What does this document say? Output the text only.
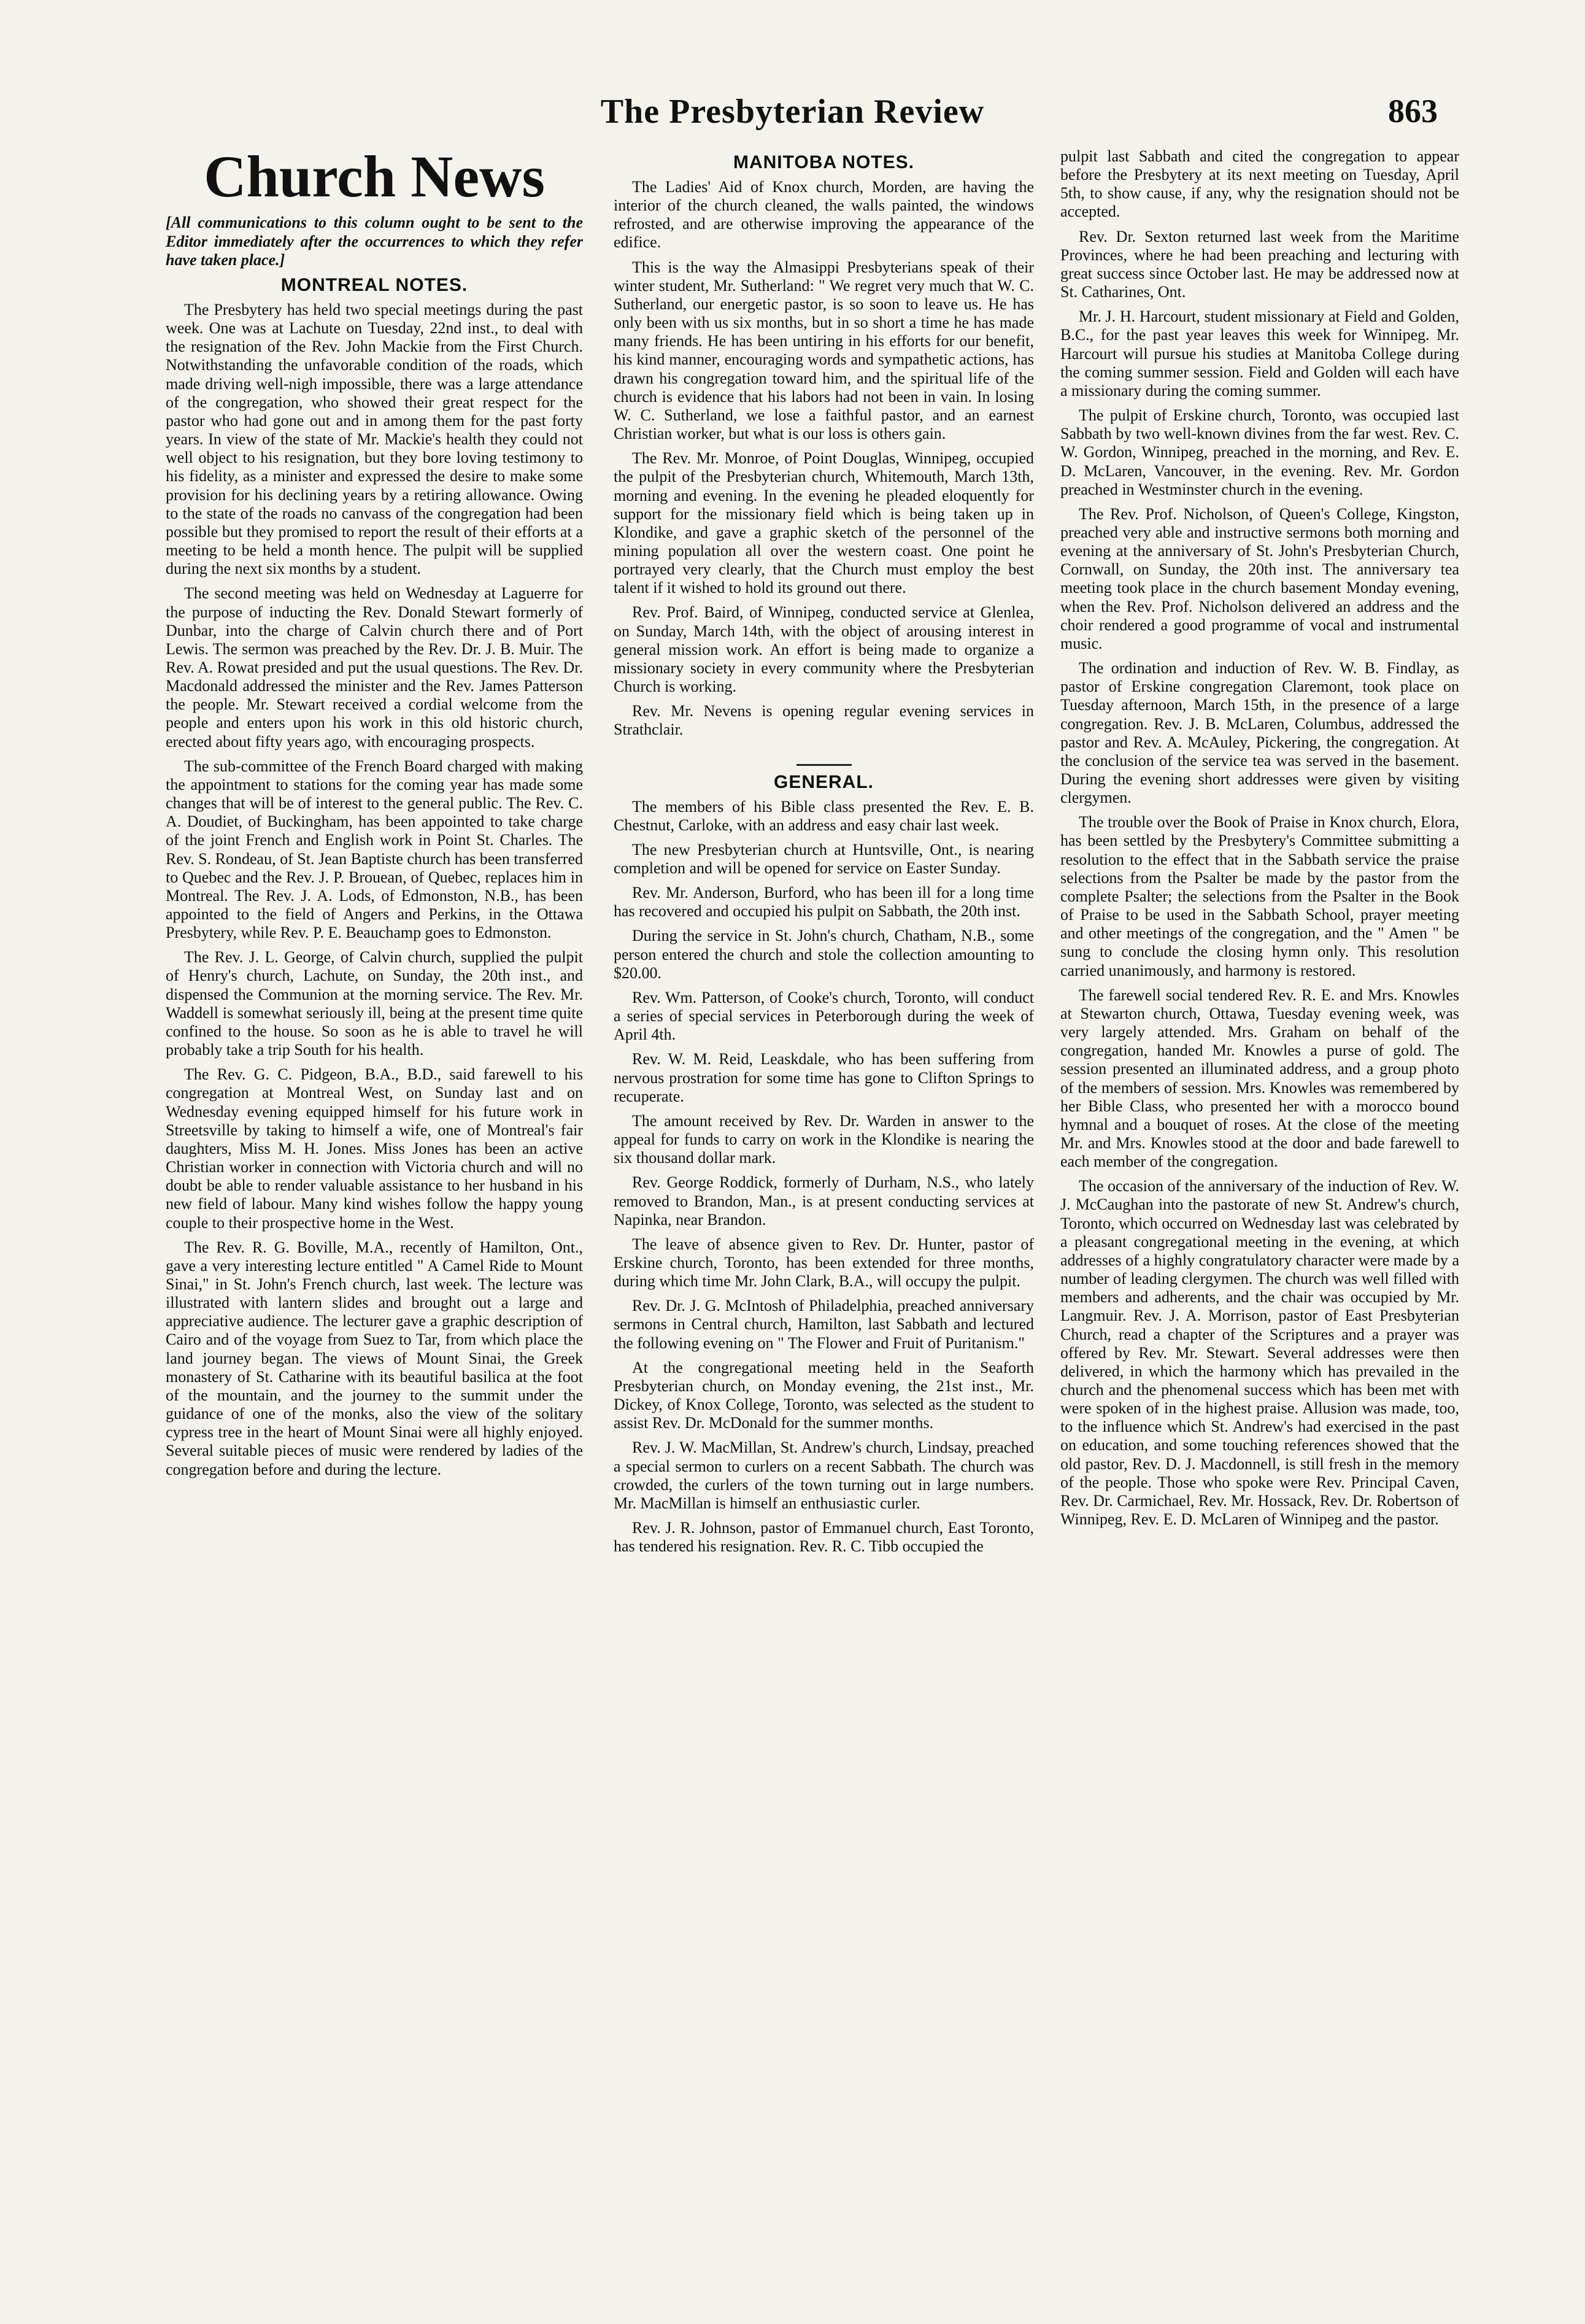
The Presbyterian Review	863
Church News
[All communications to this column ought to be sent to the Editor immediately after the occurrences to which they refer have taken place.]
MONTREAL NOTES.

The Presbytery has held two special meetings during the past week. One was at Lachute on Tuesday, 22nd inst., to deal with the resignation of the Rev. John Mackie from the First Church. Notwithstanding the unfavorable condition of the roads, which made driving well-nigh impossible, there was a large attendance of the congregation, who showed their great respect for the pastor who had gone out and in among them for the past forty years. In view of the state of Mr. Mackie's health they could not well object to his resignation, but they bore loving testimony to his fidelity, as a minister and expressed the desire to make some provision for his declining years by a retiring allowance. Owing to the state of the roads no canvass of the congregation had been possible but they promised to report the result of their efforts at a meeting to be held a month hence. The pulpit will be supplied during the next six months by a student.

The second meeting was held on Wednesday at Laguerre for the purpose of inducting the Rev. Donald Stewart formerly of Dunbar, into the charge of Calvin church there and of Port Lewis. The sermon was preached by the Rev. Dr. J. B. Muir. The Rev. A. Rowat presided and put the usual questions. The Rev. Dr. Macdonald addressed the minister and the Rev. James Patterson the people. Mr. Stewart received a cordial welcome from the people and enters upon his work in this old historic church, erected about fifty years ago, with encouraging prospects.

The sub-committee of the French Board charged with making the appointment to stations for the coming year has made some changes that will be of interest to the general public. The Rev. C. A. Doudiet, of Buckingham, has been appointed to take charge of the joint French and English work in Point St. Charles. The Rev. S. Rondeau, of St. Jean Baptiste church has been transferred to Quebec and the Rev. J. P. Brouean, of Quebec, replaces him in Montreal. The Rev. J. A. Lods, of Edmonston, N.B., has been appointed to the field of Angers and Perkins, in the Ottawa Presbytery, while Rev. P. E. Beauchamp goes to Edmonston.

The Rev. J. L. George, of Calvin church, supplied the pulpit of Henry's church, Lachute, on Sunday, the 20th inst., and dispensed the Communion at the morning service. The Rev. Mr. Waddell is somewhat seriously ill, being at the present time quite confined to the house. So soon as he is able to travel he will probably take a trip South for his health.

The Rev. G. C. Pidgeon, B.A., B.D., said farewell to his congregation at Montreal West, on Sunday last and on Wednesday evening equipped himself for his future work in Streetsville by taking to himself a wife, one of Montreal's fair daughters, Miss M. H. Jones. Miss Jones has been an active Christian worker in connection with Victoria church and will no doubt be able to render valuable assistance to her husband in his new field of labour. Many kind wishes follow the happy young couple to their prospective home in the West.

The Rev. R. G. Boville, M.A., recently of Hamilton, Ont., gave a very interesting lecture entitled " A Camel Ride to Mount Sinai," in St. John's French church, last week. The lecture was illustrated with lantern slides and brought out a large and appreciative audience. The lecturer gave a graphic description of Cairo and of the voyage from Suez to Tar, from which place the land journey began. The views of Mount Sinai, the Greek monastery of St. Catharine with its beautiful basilica at the foot of the mountain, and the journey to the summit under the guidance of one of the monks, also the view of the solitary cypress tree in the heart of Mount Sinai were all highly enjoyed. Several suitable pieces of music were rendered by ladies of the congregation before and during the lecture.

MANITOBA NOTES.

The Ladies' Aid of Knox church, Morden, are having the interior of the church cleaned, the walls painted, the windows refrosted, and are otherwise improving the appearance of the edifice.

This is the way the Almasippi Presbyterians speak of their winter student, Mr. Sutherland: " We regret very much that W. C. Sutherland, our energetic pastor, is so soon to leave us. He has only been with us six months, but in so short a time he has made many friends. He has been untiring in his efforts for our benefit, his kind manner, encouraging words and sympathetic actions, has drawn his congregation toward him, and the spiritual life of the church is evidence that his labors had not been in vain. In losing W. C. Sutherland, we lose a faithful pastor, and an earnest Christian worker, but what is our loss is others gain.

The Rev. Mr. Monroe, of Point Douglas, Winnipeg, occupied the pulpit of the Presbyterian church, Whitemouth, March 13th, morning and evening. In the evening he pleaded eloquently for support for the missionary field which is being taken up in Klondike, and gave a graphic sketch of the personnel of the mining population all over the western coast. One point he portrayed very clearly, that the Church must employ the best talent if it wished to hold its ground out there.

Rev. Prof. Baird, of Winnipeg, conducted service at Glenlea, on Sunday, March 14th, with the object of arousing interest in general mission work. An effort is being made to organize a missionary society in every community where the Presbyterian Church is working.

Rev. Mr. Nevens is opening regular evening services in Strathclair.

GENERAL.

The members of his Bible class presented the Rev. E. B. Chestnut, Carloke, with an address and easy chair last week.

The new Presbyterian church at Huntsville, Ont., is nearing completion and will be opened for service on Easter Sunday.

Rev. Mr. Anderson, Burford, who has been ill for a long time has recovered and occupied his pulpit on Sabbath, the 20th inst.

During the service in St. John's church, Chatham, N.B., some person entered the church and stole the collection amounting to $20.00.

Rev. Wm. Patterson, of Cooke's church, Toronto, will conduct a series of special services in Peterborough during the week of April 4th.

Rev. W. M. Reid, Leaskdale, who has been suffering from nervous prostration for some time has gone to Clifton Springs to recuperate.

The amount received by Rev. Dr. Warden in answer to the appeal for funds to carry on work in the Klondike is nearing the six thousand dollar mark.

Rev. George Roddick, formerly of Durham, N.S., who lately removed to Brandon, Man., is at present conducting services at Napinka, near Brandon.

The leave of absence given to Rev. Dr. Hunter, pastor of Erskine church, Toronto, has been extended for three months, during which time Mr. John Clark, B.A., will occupy the pulpit.

Rev. Dr. J. G. McIntosh of Philadelphia, preached anniversary sermons in Central church, Hamilton, last Sabbath and lectured the following evening on " The Flower and Fruit of Puritanism."

At the congregational meeting held in the Seaforth Presbyterian church, on Monday evening, the 21st inst., Mr. Dickey, of Knox College, Toronto, was selected as the student to assist Rev. Dr. McDonald for the summer months.

Rev. J. W. MacMillan, St. Andrew's church, Lindsay, preached a special sermon to curlers on a recent Sabbath. The church was crowded, the curlers of the town turning out in large numbers. Mr. MacMillan is himself an enthusiastic curler.

Rev. J. R. Johnson, pastor of Emmanuel church, East Toronto, has tendered his resignation. Rev. R. C. Tibb occupied the

pulpit last Sabbath and cited the congregation to appear before the Presbytery at its next meeting on Tuesday, April 5th, to show cause, if any, why the resignation should not be accepted.

Rev. Dr. Sexton returned last week from the Maritime Provinces, where he had been preaching and lecturing with great success since October last. He may be addressed now at St. Catharines, Ont.

Mr. J. H. Harcourt, student missionary at Field and Golden, B.C., for the past year leaves this week for Winnipeg. Mr. Harcourt will pursue his studies at Manitoba College during the coming summer session. Field and Golden will each have a missionary during the coming summer.

The pulpit of Erskine church, Toronto, was occupied last Sabbath by two well-known divines from the far west. Rev. C. W. Gordon, Winnipeg, preached in the morning, and Rev. E. D. McLaren, Vancouver, in the evening. Rev. Mr. Gordon preached in Westminster church in the evening.

The Rev. Prof. Nicholson, of Queen's College, Kingston, preached very able and instructive sermons both morning and evening at the anniversary of St. John's Presbyterian Church, Cornwall, on Sunday, the 20th inst. The anniversary tea meeting took place in the church basement Monday evening, when the Rev. Prof. Nicholson delivered an address and the choir rendered a good programme of vocal and instrumental music.

The ordination and induction of Rev. W. B. Findlay, as pastor of Erskine congregation Claremont, took place on Tuesday afternoon, March 15th, in the presence of a large congregation. Rev. J. B. McLaren, Columbus, addressed the pastor and Rev. A. McAuley, Pickering, the congregation. At the conclusion of the service tea was served in the basement. During the evening short addresses were given by visiting clergymen.

The trouble over the Book of Praise in Knox church, Elora, has been settled by the Presbytery's Committee submitting a resolution to the effect that in the Sabbath service the praise selections from the Psalter be made by the pastor from the complete Psalter; the selections from the Psalter in the Book of Praise to be used in the Sabbath School, prayer meeting and other meetings of the congregation, and the " Amen " be sung to conclude the closing hymn only. This resolution carried unanimously, and harmony is restored.

The farewell social tendered Rev. R. E. and Mrs. Knowles at Stewarton church, Ottawa, Tuesday evening week, was very largely attended. Mrs. Graham on behalf of the congregation, handed Mr. Knowles a purse of gold. The session presented an illuminated address, and a group photo of the members of session. Mrs. Knowles was remembered by her Bible Class, who presented her with a morocco bound hymnal and a bouquet of roses. At the close of the meeting Mr. and Mrs. Knowles stood at the door and bade farewell to each member of the congregation.

The occasion of the anniversary of the induction of Rev. W. J. McCaughan into the pastorate of new St. Andrew's church, Toronto, which occurred on Wednesday last was celebrated by a pleasant congregational meeting in the evening, at which addresses of a highly congratulatory character were made by a number of leading clergymen. The church was well filled with members and adherents, and the chair was occupied by Mr. Langmuir. Rev. J. A. Morrison, pastor of East Presbyterian Church, read a chapter of the Scriptures and a prayer was offered by Rev. Mr. Stewart. Several addresses were then delivered, in which the harmony which has prevailed in the church and the phenomenal success which has been met with were spoken of in the highest praise. Allusion was made, too, to the influence which St. Andrew's had exercised in the past on education, and some touching references showed that the old pastor, Rev. D. J. Macdonnell, is still fresh in the memory of the people. Those who spoke were Rev. Principal Caven, Rev. Dr. Carmichael, Rev. Mr. Hossack, Rev. Dr. Robertson of Winnipeg, Rev. E. D. McLaren of Winnipeg and the pastor.
